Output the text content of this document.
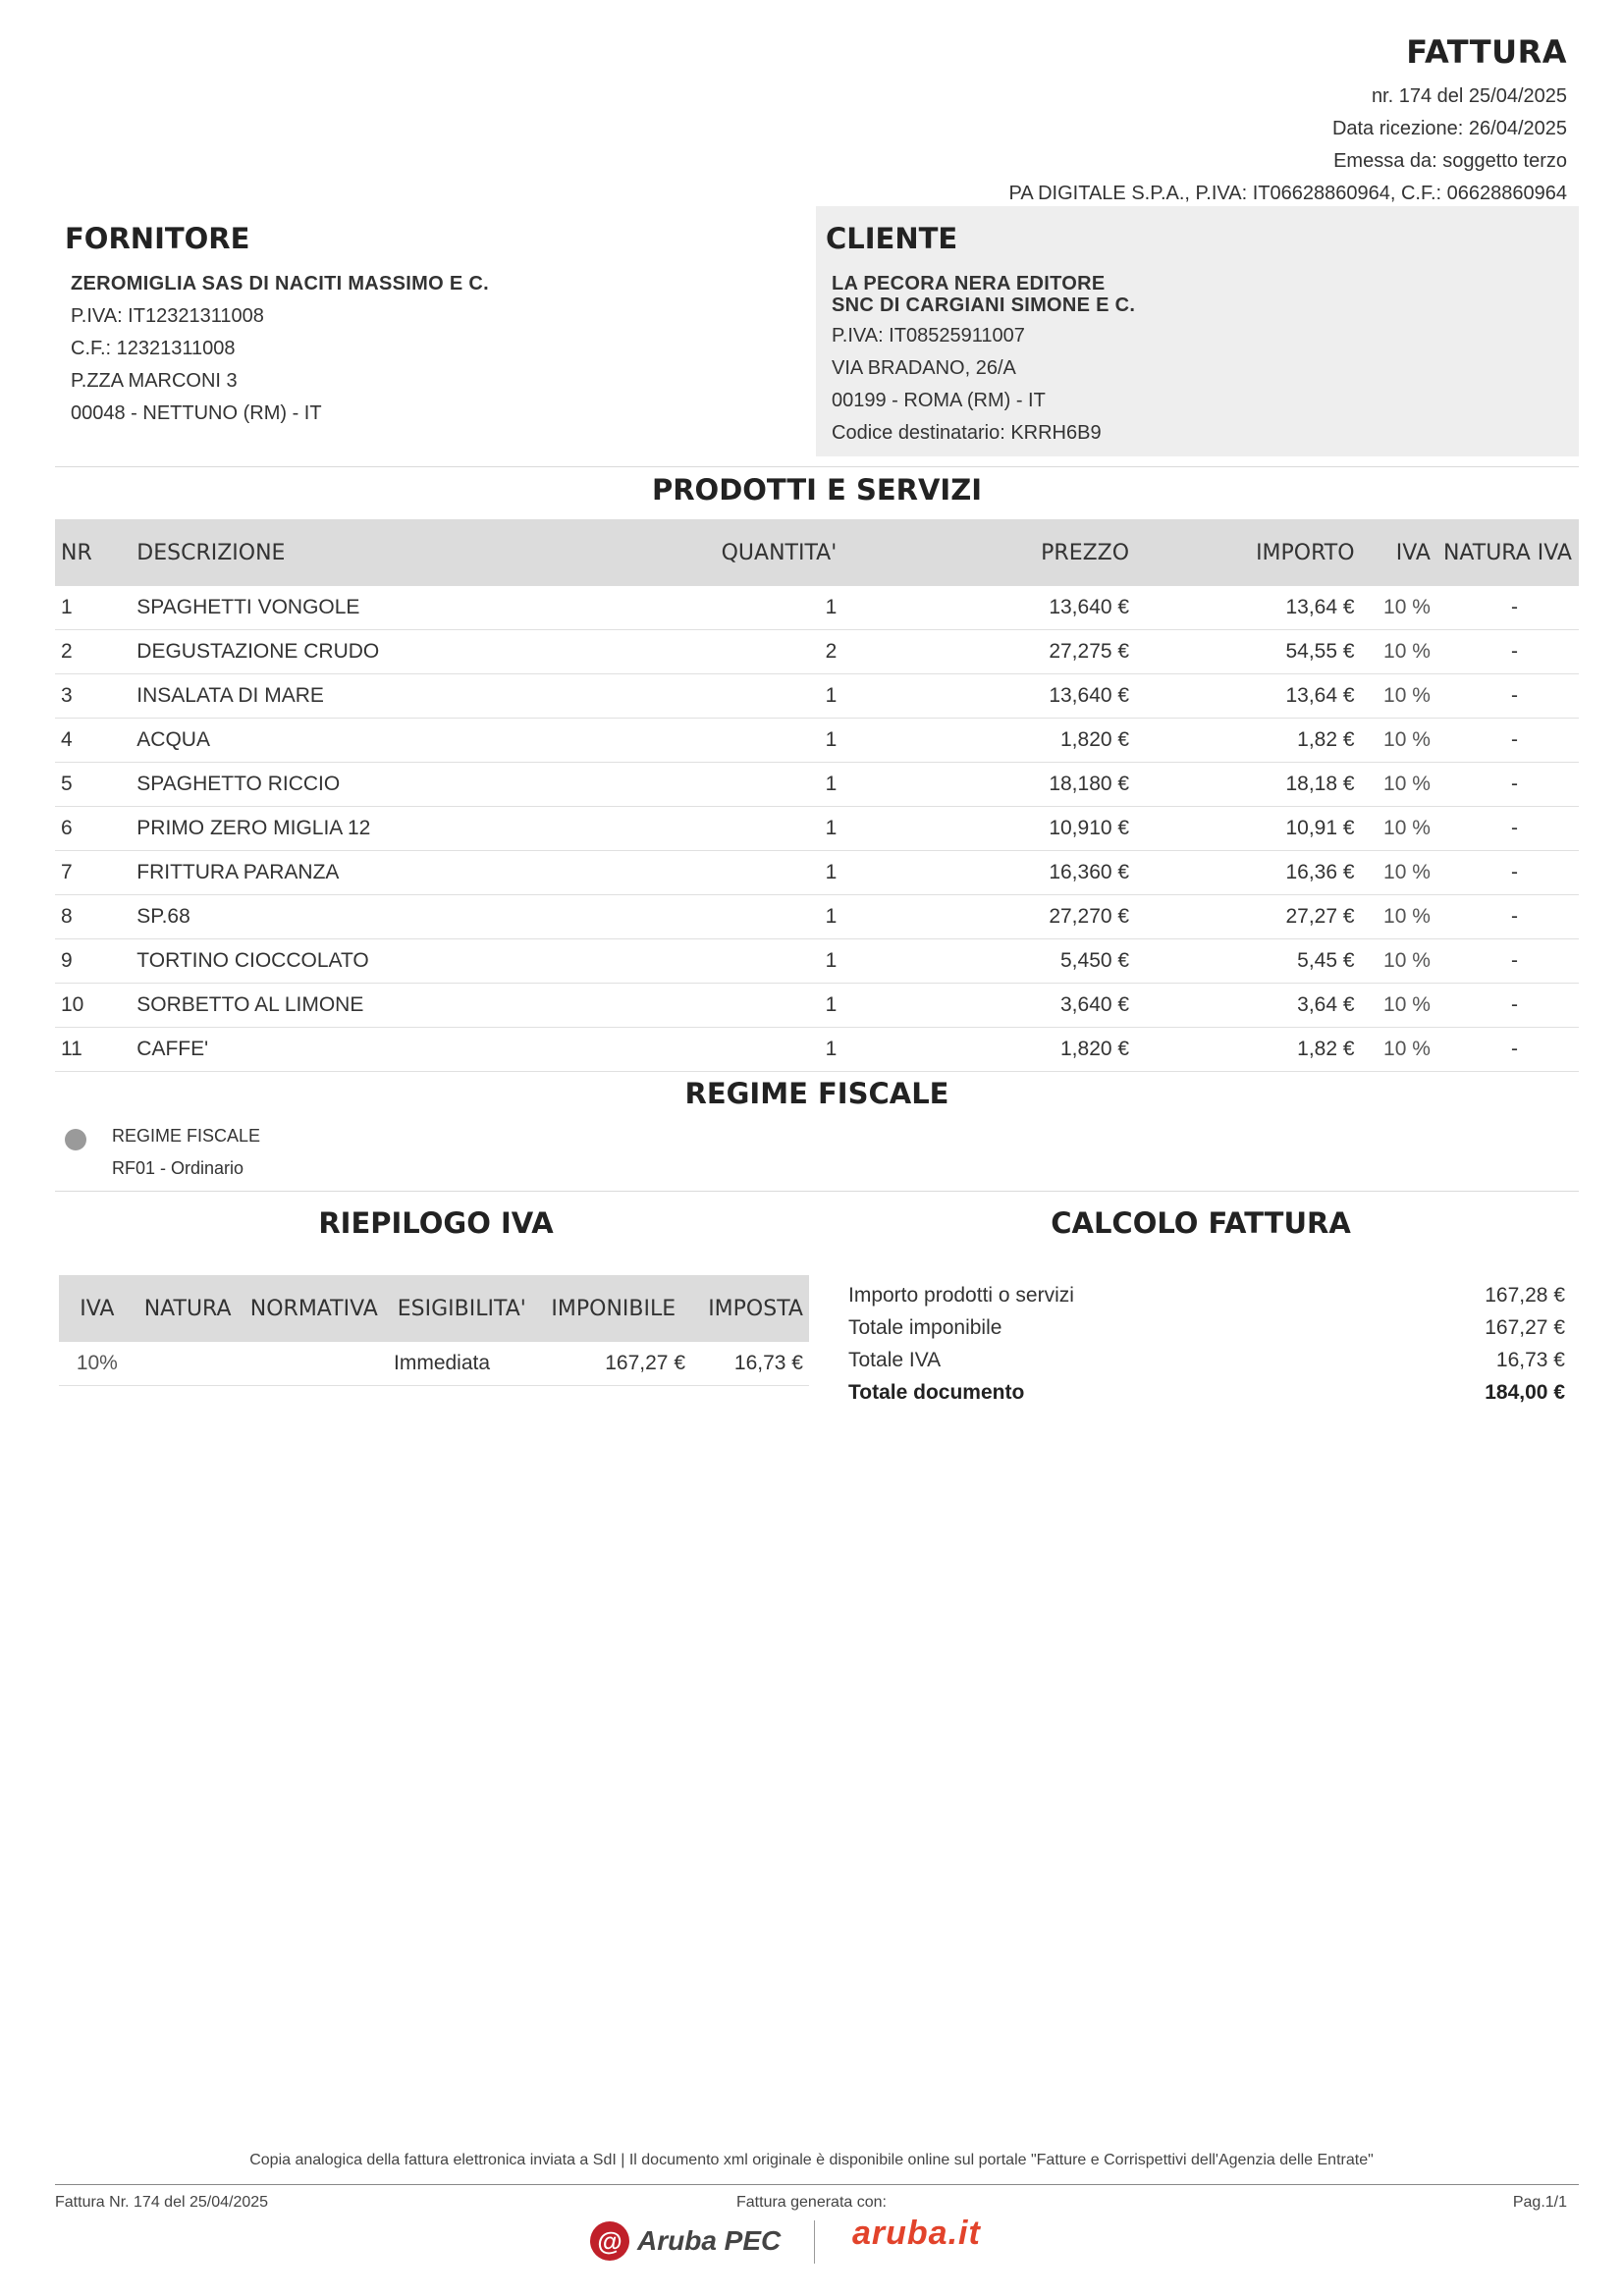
FATTURA
nr. 174 del 25/04/2025
Data ricezione: 26/04/2025
Emessa da: soggetto terzo
PA DIGITALE S.P.A., P.IVA: IT06628860964, C.F.: 06628860964
FORNITORE
ZEROMIGLIA SAS DI NACITI MASSIMO E C.
P.IVA: IT12321311008
C.F.: 12321311008
P.ZZA MARCONI 3
00048 - NETTUNO (RM) - IT
CLIENTE
LA PECORA NERA EDITORE
SNC DI CARGIANI SIMONE E C.
P.IVA: IT08525911007
VIA BRADANO, 26/A
00199 - ROMA (RM) - IT
Codice destinatario: KRRH6B9
PRODOTTI E SERVIZI
NR	DESCRIZIONE	QUANTITA'	PREZZO	IMPORTO	IVA	NATURA IVA
1	SPAGHETTI VONGOLE	1	13,640 €	13,64 €	10 %	-
2	DEGUSTAZIONE CRUDO	2	27,275 €	54,55 €	10 %	-
3	INSALATA DI MARE	1	13,640 €	13,64 €	10 %	-
4	ACQUA	1	1,820 €	1,82 €	10 %	-
5	SPAGHETTO RICCIO	1	18,180 €	18,18 €	10 %	-
6	PRIMO ZERO MIGLIA 12	1	10,910 €	10,91 €	10 %	-
7	FRITTURA PARANZA	1	16,360 €	16,36 €	10 %	-
8	SP.68	1	27,270 €	27,27 €	10 %	-
9	TORTINO CIOCCOLATO	1	5,450 €	5,45 €	10 %	-
10	SORBETTO AL LIMONE	1	3,640 €	3,64 €	10 %	-
11	CAFFE'	1	1,820 €	1,82 €	10 %	-
REGIME FISCALE
REGIME FISCALE
RF01 - Ordinario
RIEPILOGO IVA
IVA	NATURA	NORMATIVA	ESIGIBILITA'	IMPONIBILE	IMPOSTA
10%			Immediata	167,27 €	16,73 €
CALCOLO FATTURA
Importo prodotti o servizi	167,28 €
Totale imponibile	167,27 €
Totale IVA	16,73 €
Totale documento	184,00 €
Copia analogica della fattura elettronica inviata a SdI | Il documento xml originale è disponibile online sul portale "Fatture e Corrispettivi dell'Agenzia delle Entrate"
Fattura Nr. 174 del 25/04/2025	Fattura generata con:	Pag.1/1
@ Aruba PEC aruba.it
